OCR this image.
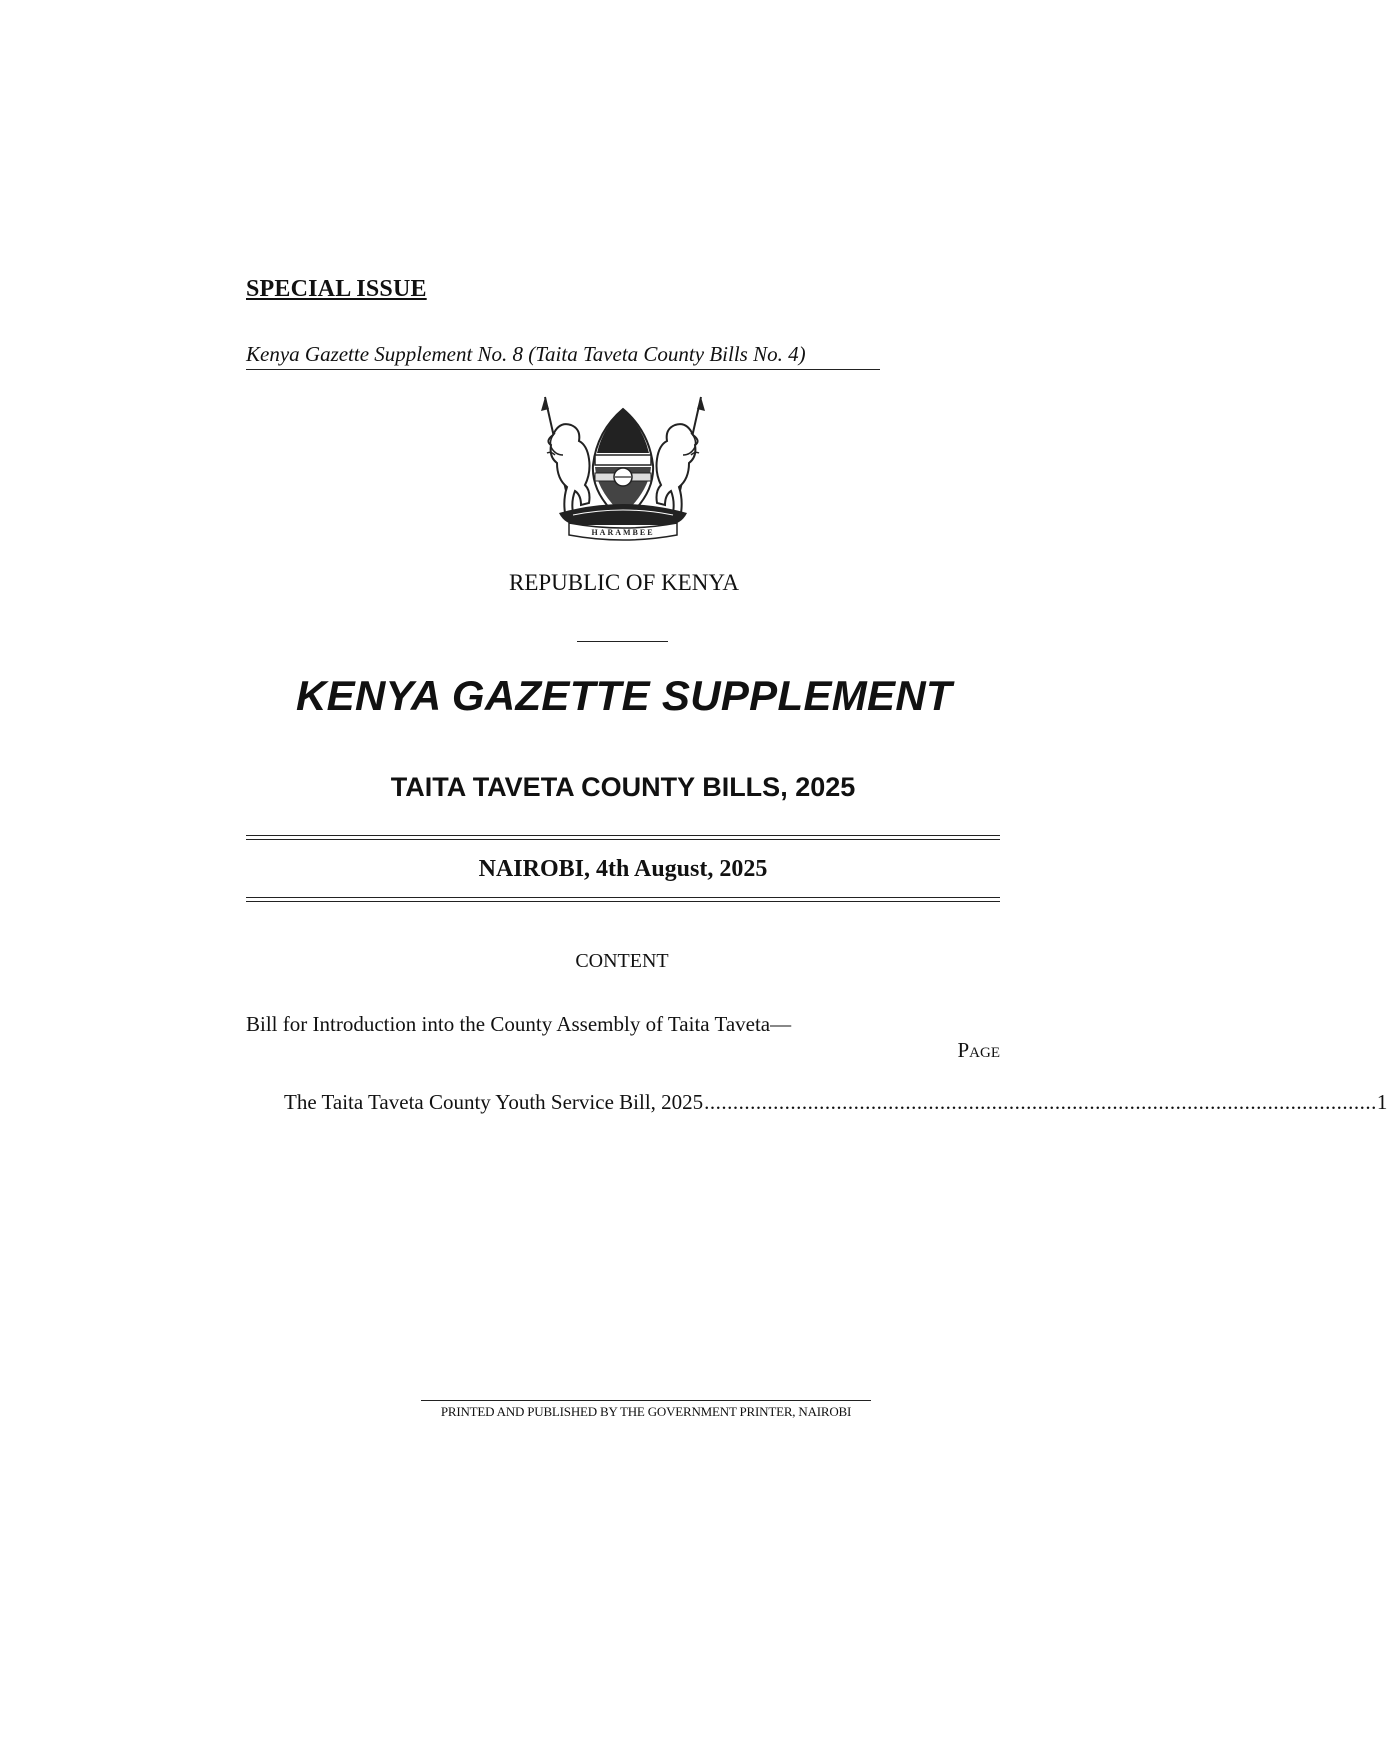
SPECIAL ISSUE
Kenya Gazette Supplement No. 8 (Taita Taveta County Bills No. 4)
HARAMBEE
REPUBLIC OF KENYA
KENYA GAZETTE SUPPLEMENT
TAITA TAVETA COUNTY BILLS, 2025
NAIROBI, 4th August, 2025
CONTENT
Bill for Introduction into the County Assembly of Taita Taveta—
Page
The Taita Taveta County Youth Service Bill, 2025 ..................................................................................................................... 1
PRINTED AND PUBLISHED BY THE GOVERNMENT PRINTER, NAIROBI
